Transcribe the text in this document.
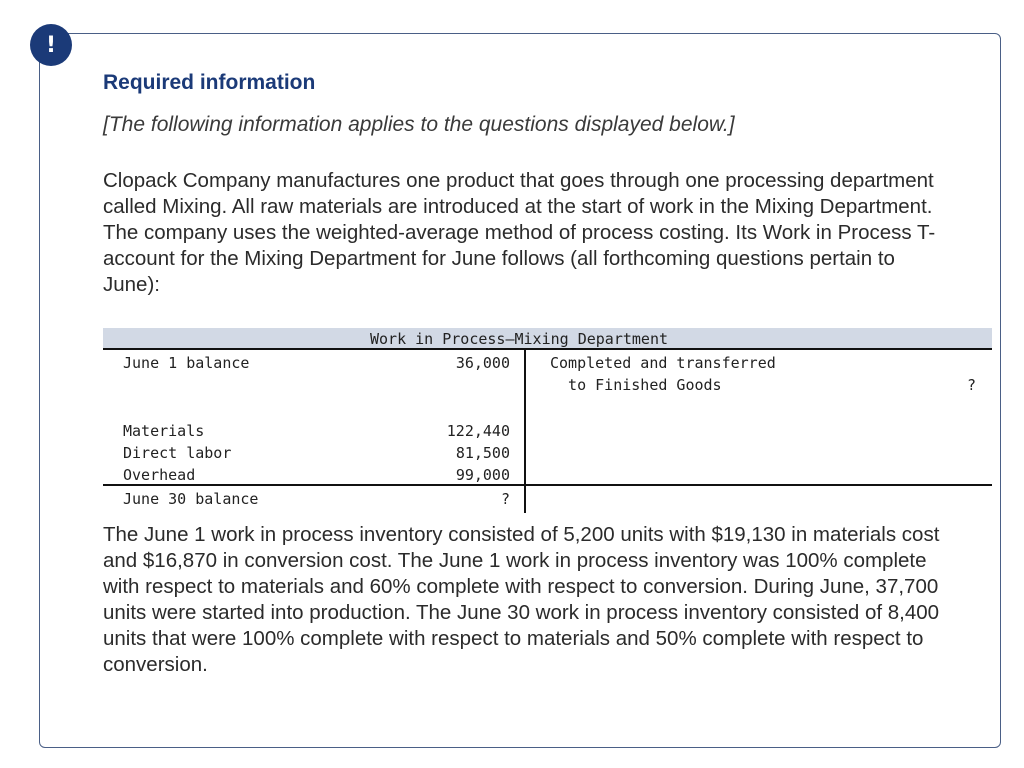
!
Required information

[The following information applies to the questions displayed below.]

Clopack Company manufactures one product that goes through one processing department called Mixing. All raw materials are introduced at the start of work in the Mixing Department. The company uses the weighted-average method of process costing. Its Work in Process T-account for the Mixing Department for June follows (all forthcoming questions pertain to June):

Work in Process—Mixing Department
June 1 balance	36,000
Materials	122,440
Direct labor	81,500
Overhead	99,000
June 30 balance	?
Completed and transferred
to Finished Goods	?

The June 1 work in process inventory consisted of 5,200 units with $19,130 in materials cost and $16,870 in conversion cost. The June 1 work in process inventory was 100% complete with respect to materials and 60% complete with respect to conversion. During June, 37,700 units were started into production. The June 30 work in process inventory consisted of 8,400 units that were 100% complete with respect to materials and 50% complete with respect to conversion.
